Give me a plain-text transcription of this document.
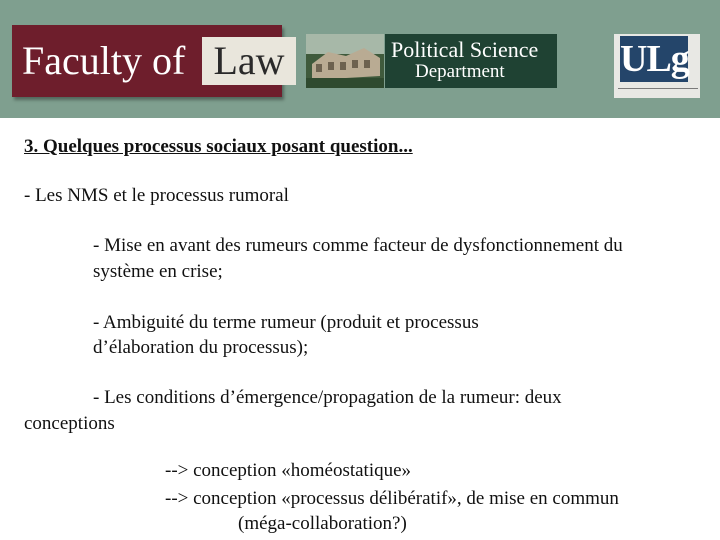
Faculty of Law	Political Science
Department	ULg
3. Quelques processus sociaux posant question...
- Les NMS et le processus rumoral
- Mise en avant des rumeurs comme facteur de dysfonctionnement du
système en crise;
- Ambiguité du terme rumeur (produit et processus
d’élaboration du processus);
- Les conditions d’émergence/propagation de la rumeur: deux
conceptions
--> conception «homéostatique»
--> conception «processus délibératif», de mise en commun
(méga-collaboration?)
